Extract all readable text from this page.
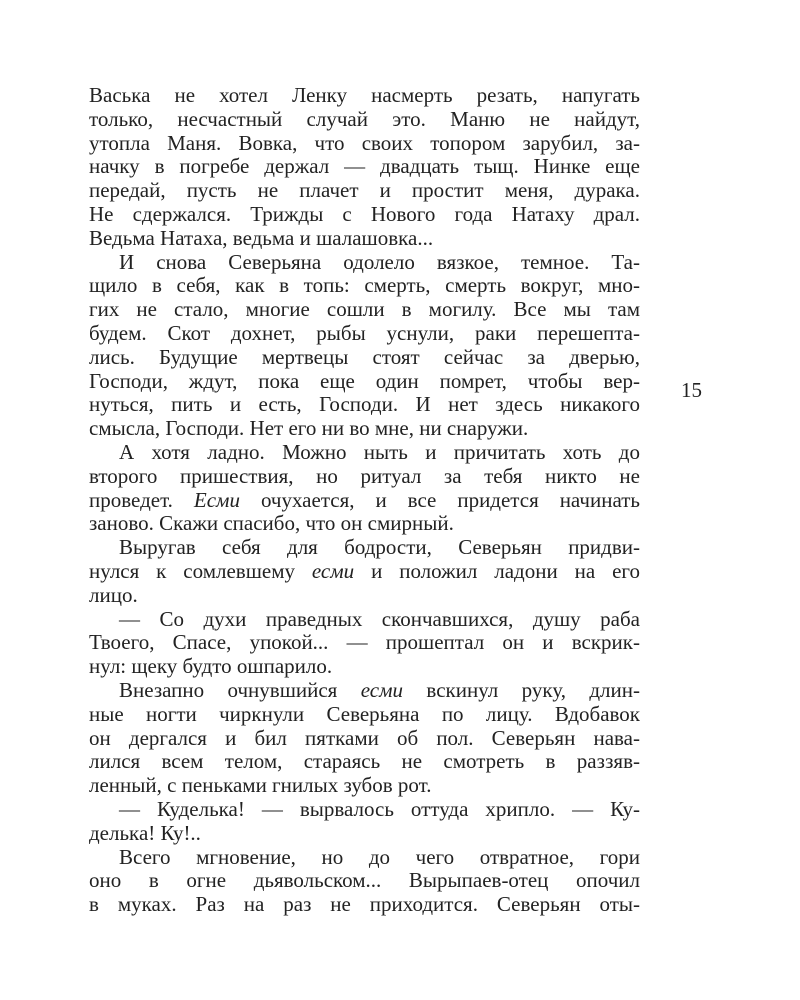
Васька не хотел Ленку насмерть резать, напугать
только, несчастный случай это. Маню не найдут,
утопла Маня. Вовка, что своих топором зарубил, за-
начку в погребе держал — двадцать тыщ. Нинке еще
передай, пусть не плачет и простит меня, дурака.
Не сдержался. Трижды с Нового года Натаху драл.
Ведьма Натаха, ведьма и шалашовка...
И снова Северьяна одолело вязкое, темное. Та-
щило в себя, как в топь: смерть, смерть вокруг, мно-
гих не стало, многие сошли в могилу. Все мы там
будем. Скот дохнет, рыбы уснули, раки перешепта-
лись. Будущие мертвецы стоят сейчас за дверью,
Господи, ждут, пока еще один помрет, чтобы вер-
нуться, пить и есть, Господи. И нет здесь никакого
смысла, Господи. Нет его ни во мне, ни снаружи.
А хотя ладно. Можно ныть и причитать хоть до
второго пришествия, но ритуал за тебя никто не
проведет. Есми очухается, и все придется начинать
заново. Скажи спасибо, что он смирный.
Выругав себя для бодрости, Северьян придви-
нулся к сомлевшему есми и положил ладони на его
лицо.
— Со духи праведных скончавшихся, душу раба
Твоего, Спасе, упокой... — прошептал он и вскрик-
нул: щеку будто ошпарило.
Внезапно очнувшийся есми вскинул руку, длин-
ные ногти чиркнули Северьяна по лицу. Вдобавок
он дергался и бил пятками об пол. Северьян нава-
лился всем телом, стараясь не смотреть в раззяв-
ленный, с пеньками гнилых зубов рот.
— Куделька! — вырвалось оттуда хрипло. — Ку-
делька! Ку!..
Всего мгновение, но до чего отвратное, гори
оно в огне дьявольском... Вырыпаев-отец опочил
в муках. Раз на раз не приходится. Северьян оты-
15
